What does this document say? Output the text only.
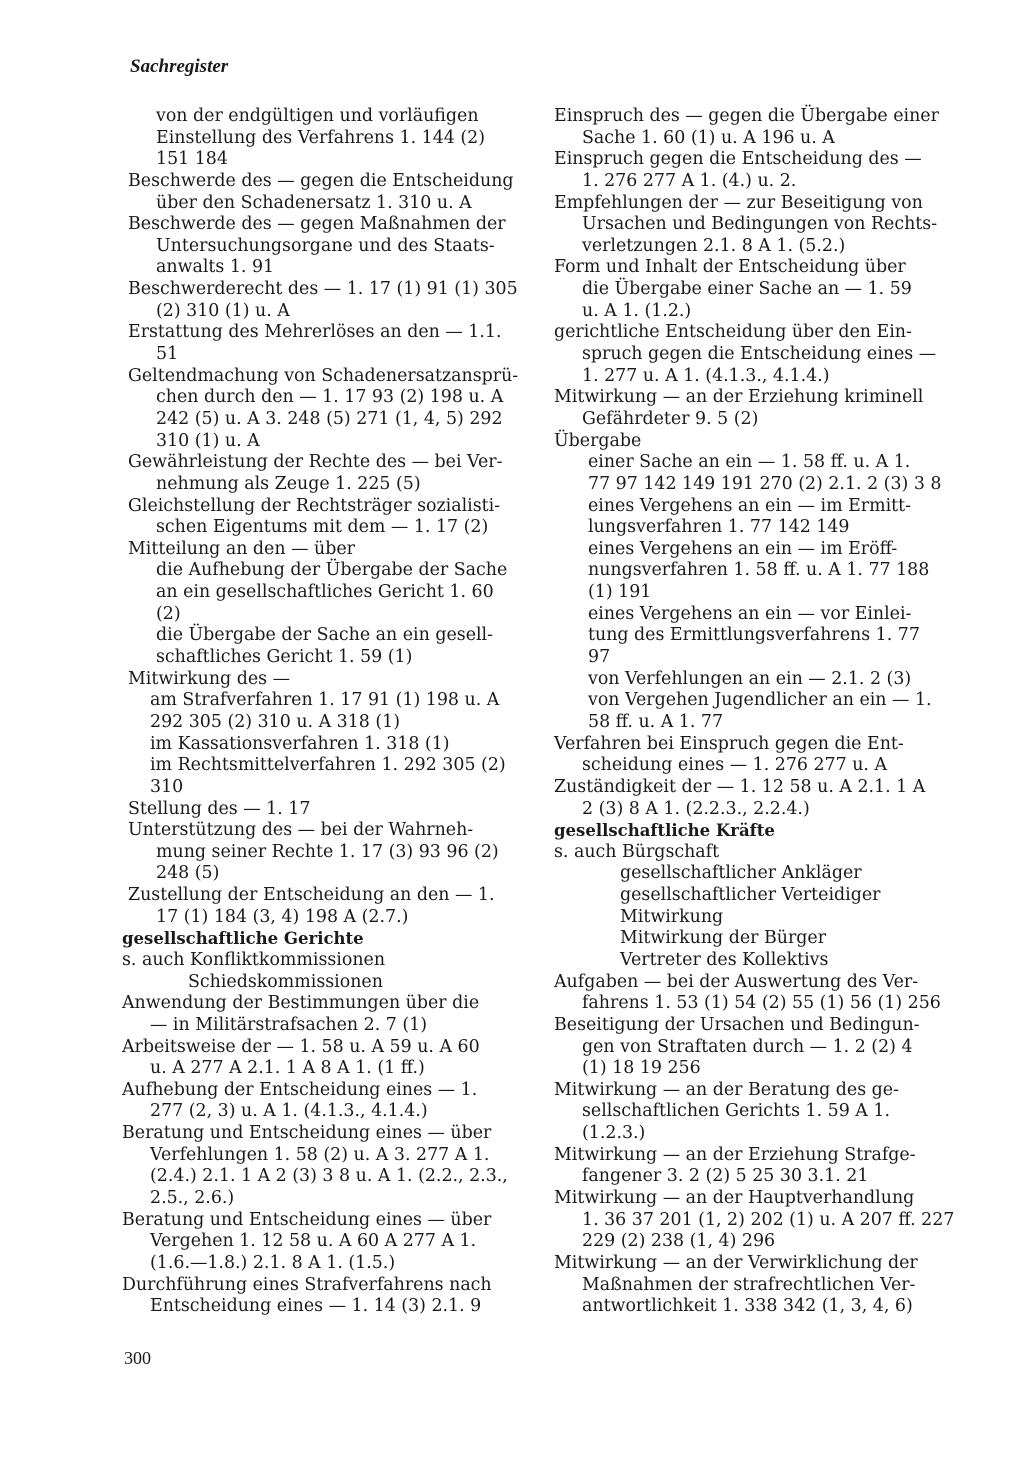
Sachregister
von der endgültigen und vorläufigen
Einstellung des Verfahrens 1. 144 (2)
151 184
Beschwerde des — gegen die Entscheidung
über den Schadenersatz 1. 310 u. A
Beschwerde des — gegen Maßnahmen der
Untersuchungsorgane und des Staats-
anwalts 1. 91
Beschwerderecht des — 1. 17 (1) 91 (1) 305
(2) 310 (1) u. A
Erstattung des Mehrerlöses an den — 1.1.
51
Geltendmachung von Schadenersatzansprü-
chen durch den — 1. 17 93 (2) 198 u. A
242 (5) u. A 3. 248 (5) 271 (1, 4, 5) 292
310 (1) u. A
Gewährleistung der Rechte des — bei Ver-
nehmung als Zeuge 1. 225 (5)
Gleichstellung der Rechtsträger sozialisti-
schen Eigentums mit dem — 1. 17 (2)
Mitteilung an den — über
die Aufhebung der Übergabe der Sache
an ein gesellschaftliches Gericht 1. 60
(2)
die Übergabe der Sache an ein gesell-
schaftliches Gericht 1. 59 (1)
Mitwirkung des —
am Strafverfahren 1. 17 91 (1) 198 u. A
292 305 (2) 310 u. A 318 (1)
im Kassationsverfahren 1. 318 (1)
im Rechtsmittelverfahren 1. 292 305 (2)
310
Stellung des — 1. 17
Unterstützung des — bei der Wahrneh-
mung seiner Rechte 1. 17 (3) 93 96 (2)
248 (5)
Zustellung der Entscheidung an den — 1.
17 (1) 184 (3, 4) 198 A (2.7.)
gesellschaftliche Gerichte
s. auch Konfliktkommissionen
Schiedskommissionen
Anwendung der Bestimmungen über die
— in Militärstrafsachen 2. 7 (1)
Arbeitsweise der — 1. 58 u. A 59 u. A 60
u. A 277 A 2.1. 1 A 8 A 1. (1 ff.)
Aufhebung der Entscheidung eines — 1.
277 (2, 3) u. A 1. (4.1.3., 4.1.4.)
Beratung und Entscheidung eines — über
Verfehlungen 1. 58 (2) u. A 3. 277 A 1.
(2.4.) 2.1. 1 A 2 (3) 3 8 u. A 1. (2.2., 2.3.,
2.5., 2.6.)
Beratung und Entscheidung eines — über
Vergehen 1. 12 58 u. A 60 A 277 A 1.
(1.6.—1.8.) 2.1. 8 A 1. (1.5.)
Durchführung eines Strafverfahrens nach
Entscheidung eines — 1. 14 (3) 2.1. 9
Einspruch des — gegen die Übergabe einer
Sache 1. 60 (1) u. A 196 u. A
Einspruch gegen die Entscheidung des —
1. 276 277 A 1. (4.) u. 2.
Empfehlungen der — zur Beseitigung von
Ursachen und Bedingungen von Rechts-
verletzungen 2.1. 8 A 1. (5.2.)
Form und Inhalt der Entscheidung über
die Übergabe einer Sache an — 1. 59
u. A 1. (1.2.)
gerichtliche Entscheidung über den Ein-
spruch gegen die Entscheidung eines —
1. 277 u. A 1. (4.1.3., 4.1.4.)
Mitwirkung — an der Erziehung kriminell
Gefährdeter 9. 5 (2)
Übergabe
einer Sache an ein — 1. 58 ff. u. A 1.
77 97 142 149 191 270 (2) 2.1. 2 (3) 3 8
eines Vergehens an ein — im Ermitt-
lungsverfahren 1. 77 142 149
eines Vergehens an ein — im Eröff-
nungsverfahren 1. 58 ff. u. A 1. 77 188
(1) 191
eines Vergehens an ein — vor Einlei-
tung des Ermittlungsverfahrens 1. 77
97
von Verfehlungen an ein — 2.1. 2 (3)
von Vergehen Jugendlicher an ein — 1.
58 ff. u. A 1. 77
Verfahren bei Einspruch gegen die Ent-
scheidung eines — 1. 276 277 u. A
Zuständigkeit der — 1. 12 58 u. A 2.1. 1 A
2 (3) 8 A 1. (2.2.3., 2.2.4.)
gesellschaftliche Kräfte
s. auch Bürgschaft
gesellschaftlicher Ankläger
gesellschaftlicher Verteidiger
Mitwirkung
Mitwirkung der Bürger
Vertreter des Kollektivs
Aufgaben — bei der Auswertung des Ver-
fahrens 1. 53 (1) 54 (2) 55 (1) 56 (1) 256
Beseitigung der Ursachen und Bedingun-
gen von Straftaten durch — 1. 2 (2) 4
(1) 18 19 256
Mitwirkung — an der Beratung des ge-
sellschaftlichen Gerichts 1. 59 A 1.
(1.2.3.)
Mitwirkung — an der Erziehung Strafge-
fangener 3. 2 (2) 5 25 30 3.1. 21
Mitwirkung — an der Hauptverhandlung
1. 36 37 201 (1, 2) 202 (1) u. A 207 ff. 227
229 (2) 238 (1, 4) 296
Mitwirkung — an der Verwirklichung der
Maßnahmen der strafrechtlichen Ver-
antwortlichkeit 1. 338 342 (1, 3, 4, 6)
300
